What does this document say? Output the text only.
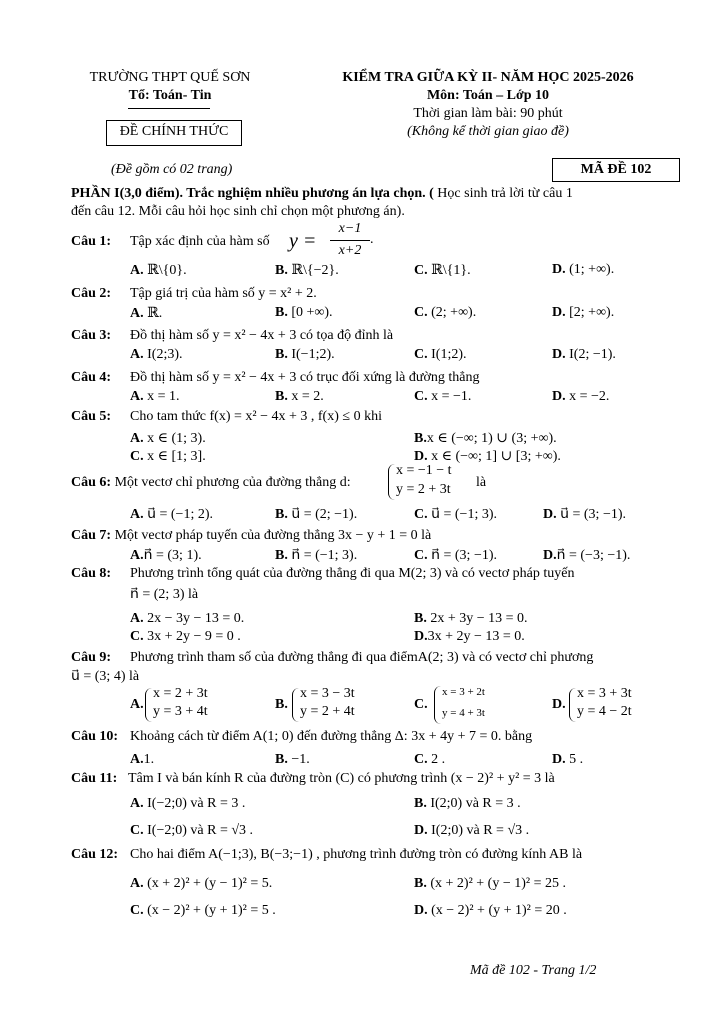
TRƯỜNG THPT QUẾ SƠN
Tổ: Toán- Tin
ĐỀ CHÍNH THỨC
(Đề gồm có 02 trang)
KIỂM TRA GIỮA KỲ II- NĂM HỌC 2025-2026
Môn: Toán – Lớp 10
Thời gian làm bài: 90 phút
(Không kể thời gian giao đề)
MÃ ĐỀ 102
PHẦN I(3,0 điểm). Trắc nghiệm nhiều phương án lựa chọn. ( Học sinh trả lời từ câu 1
đến câu 12. Mỗi câu hỏi học sinh chỉ chọn một phương án).
Câu 1: Tập xác định của hàm số y =
x−1
x+2
.
A. ℝ\{0}.	B. ℝ\{−2}.	C. ℝ\{1}.	D. (1; +∞).
Câu 2: Tập giá trị của hàm số y = x² + 2.
A. ℝ.	B. [0 +∞).	C. (2; +∞).	D. [2; +∞).
Câu 3: Đồ thị hàm số y = x² − 4x + 3 có tọa độ đỉnh là
A. I(2;3).	B. I(−1;2).	C. I(1;2).	D. I(2; −1).
Câu 4: Đồ thị hàm số y = x² − 4x + 3 có trục đối xứng là đường thẳng
A. x = 1.	B. x = 2.	C. x = −1.	D. x = −2.
Câu 5: Cho tam thức f(x) = x² − 4x + 3 , f(x) ≤ 0 khi
A. x ∈ (1; 3).	B.x ∈ (−∞; 1) ∪ (3; +∞).
C. x ∈ [1; 3].	D. x ∈ (−∞; 1] ∪ [3; +∞).
Câu 6: Một vectơ chỉ phương của đường thẳng d:
x = −1 − t
y = 2 + 3t là
A. u⃗ = (−1; 2).	B. u⃗ = (2; −1).	C. u⃗ = (−1; 3).	D. u⃗ = (3; −1).
Câu 7: Một vectơ pháp tuyến của đường thẳng 3x − y + 1 = 0 là
A.n⃗ = (3; 1).	B. n⃗ = (−1; 3).	C. n⃗ = (3; −1).	D.n⃗ = (−3; −1).
Câu 8: Phương trình tổng quát của đường thẳng đi qua M(2; 3) và có vectơ pháp tuyến
n⃗ = (2; 3) là
A. 2x − 3y − 13 = 0.	B. 2x + 3y − 13 = 0.
C. 3x + 2y − 9 = 0 .	D.3x + 2y − 13 = 0.
Câu 9: Phương trình tham số của đường thẳng đi qua điểmA(2; 3) và có vectơ chỉ phương
u⃗ = (3; 4) là
A.
x = 2 + 3t
y = 3 + 4t	B.
x = 3 − 3t
y = 2 + 4t	C.
x = 3 + 2t
y = 4 + 3t
D.
x = 3 + 3t
y = 4 − 2t
Câu 10: Khoảng cách từ điểm A(1; 0) đến đường thẳng Δ: 3x + 4y + 7 = 0. bằng
A.1.	B. −1.	C. 2 .	D. 5 .
Câu 11: Tâm I và bán kính R của đường tròn (C) có phương trình (x − 2)² + y² = 3 là
A. I(−2;0) và R = 3 .	B. I(2;0) và R = 3 .
C. I(−2;0) và R = √3 .	D. I(2;0) và R = √3 .
Câu 12: Cho hai điểm A(−1;3), B(−3;−1) , phương trình đường tròn có đường kính AB là
A. (x + 2)² + (y − 1)² = 5.	B. (x + 2)² + (y − 1)² = 25 .
C. (x − 2)² + (y + 1)² = 5 .	D. (x − 2)² + (y + 1)² = 20 .
Mã đề 102 - Trang 1/2
